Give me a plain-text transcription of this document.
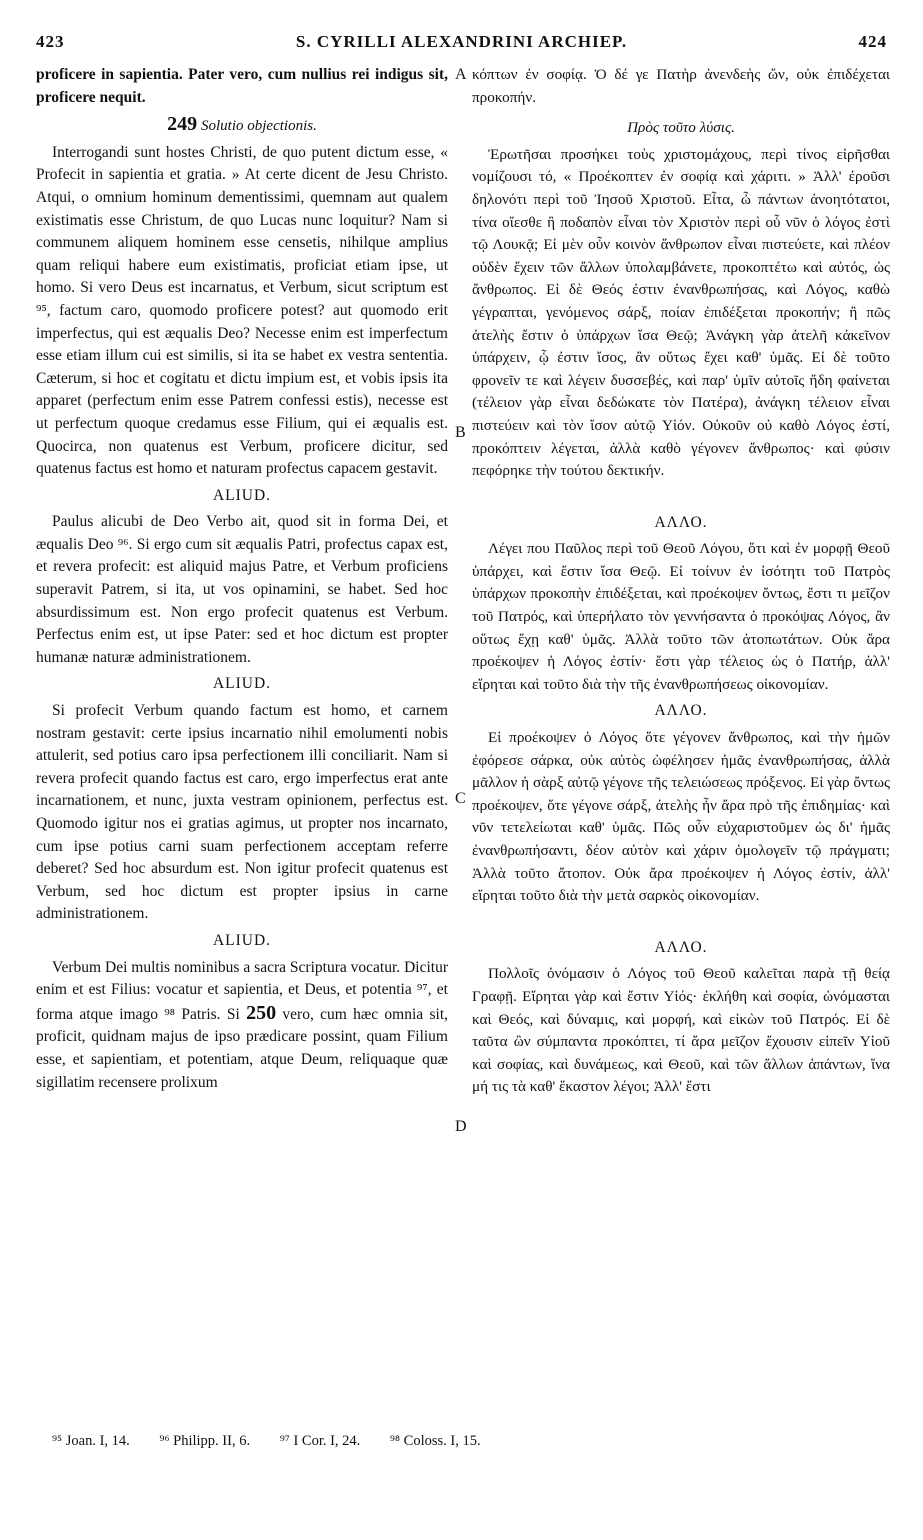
423	S. CYRILLI ALEXANDRINI ARCHIEP.	424

proficere in sapientia. Pater vero, cum nullius rei indigus sit, proficere nequit.

249 Solutio objectionis.

Interrogandi sunt hostes Christi, de quo putent dictum esse, « Profecit in sapientia et gratia. » At certe dicent de Jesu Christo. Atqui, o omnium hominum dementissimi, quemnam aut qualem existimatis esse Christum, de quo Lucas nunc loquitur? Nam si communem aliquem hominem esse censetis, nihilque amplius quam reliqui habere eum existimatis, proficiat etiam ipse, ut homo. Si vero Deus est incarnatus, et Verbum, sicut scriptum est ⁹⁵, factum caro, quomodo proficere potest? aut quomodo erit imperfectus, qui est æqualis Deo? Necesse enim est imperfectum esse etiam illum cui est similis, si ita se habet ex vestra sententia. Cæterum, si hoc et cogitatu et dictu impium est, et vobis ipsis ita apparet (perfectum enim esse Patrem confessi estis), necesse est ut perfectum quoque credamus esse Filium, qui ei æqualis est. Quocirca, non quatenus est Verbum, proficere dicitur, sed quatenus factus est homo et naturam profectus capacem gestavit.

ALIUD.

Paulus alicubi de Deo Verbo ait, quod sit in forma Dei, et æqualis Deo ⁹⁶. Si ergo cum sit æqualis Patri, profectus capax est, et revera profecit: est aliquid majus Patre, et Verbum proficiens superavit Patrem, si ita, ut vos opinamini, se habet. Sed hoc absurdissimum est. Non ergo profecit quatenus est Verbum. Perfectus enim est, ut ipse Pater: sed et hoc dictum est propter humanæ naturæ administrationem.

ALIUD.

Si profecit Verbum quando factum est homo, et carnem nostram gestavit: certe ipsius incarnatio nihil emolumenti nobis attulerit, sed potius caro ipsa perfectionem illi conciliarit. Nam si revera profecit quando factus est caro, ergo imperfectus erat ante incarnationem, et nunc, juxta vestram opinionem, perfectus est. Quomodo igitur nos ei gratias agimus, ut propter nos incarnato, cum ipse potius carni suam perfectionem acceptam referre deberet? Sed hoc absurdum est. Non igitur profecit quatenus est Verbum, sed hoc dictum est propter ipsius in carne administrationem.

ALIUD.

Verbum Dei multis nominibus a sacra Scriptura vocatur. Dicitur enim et est Filius: vocatur et sapientia, et Deus, et potentia ⁹⁷, et forma atque imago ⁹⁸ Patris. Si 250 vero, cum hæc omnia sit, proficit, quidnam majus de ipso prædicare possint, quam Filium esse, et sapientiam, et potentiam, atque Deum, reliquaque quæ sigillatim recensere prolixum

A
B
C
D

κόπτων ἐν σοφίᾳ. Ὁ δέ γε Πατὴρ ἀνενδεὴς ὤν, οὐκ ἐπιδέχεται προκοπήν.

Πρὸς τοῦτο λύσις.

Ἐρωτῆσαι προσήκει τοὺς χριστομάχους, περὶ τίνος εἰρῆσθαι νομίζουσι τό, « Προέκοπτεν ἐν σοφίᾳ καὶ χάριτι. » Ἀλλ' ἐροῦσι δηλονότι περὶ τοῦ Ἰησοῦ Χριστοῦ. Εἶτα, ὦ πάντων ἀνοητότατοι, τίνα οἴεσθε ἢ ποδαπὸν εἶναι τὸν Χριστὸν περὶ οὗ νῦν ὁ λόγος ἐστὶ τῷ Λουκᾷ; Εἰ μὲν οὖν κοινὸν ἄνθρωπον εἶναι πιστεύετε, καὶ πλέον οὐδὲν ἔχειν τῶν ἄλλων ὑπολαμβάνετε, προκοπτέτω καὶ αὐτός, ὡς ἄνθρωπος. Εἰ δὲ Θεός ἐστιν ἐνανθρωπήσας, καὶ Λόγος, καθὼ γέγραπται, γενόμενος σάρξ, ποίαν ἐπιδέξεται προκοπήν; ἢ πῶς ἀτελὴς ἔστιν ὁ ὑπάρχων ἴσα Θεῷ; Ἀνάγκη γὰρ ἀτελῆ κἀκεῖνον ὑπάρχειν, ᾧ ἐστιν ἴσος, ἂν οὕτως ἔχει καθ' ὑμᾶς. Εἰ δὲ τοῦτο φρονεῖν τε καὶ λέγειν δυσσεβές, καὶ παρ' ὑμῖν αὐτοῖς ἤδη φαίνεται (τέλειον γὰρ εἶναι δεδώκατε τὸν Πατέρα), ἀνάγκη τέλειον εἶναι πιστεύειν καὶ τὸν ἴσον αὐτῷ Υἱόν. Οὐκοῦν οὐ καθὸ Λόγος ἐστί, προκόπτειν λέγεται, ἀλλὰ καθὸ γέγονεν ἄνθρωπος· καὶ φύσιν πεφόρηκε τὴν τούτου δεκτικήν.

ΑΛΛΟ.

Λέγει που Παῦλος περὶ τοῦ Θεοῦ Λόγου, ὅτι καὶ ἐν μορφῇ Θεοῦ ὑπάρχει, καὶ ἔστιν ἴσα Θεῷ. Εἰ τοίνυν ἐν ἰσότητι τοῦ Πατρὸς ὑπάρχων προκοπὴν ἐπιδέξεται, καὶ προέκοψεν ὄντως, ἔστι τι μεῖζον τοῦ Πατρός, καὶ ὑπερήλατο τὸν γεννήσαντα ὁ προκόψας Λόγος, ἂν οὕτως ἔχῃ καθ' ὑμᾶς. Ἀλλὰ τοῦτο τῶν ἀτοπωτάτων. Οὐκ ἄρα προέκοψεν ἡ Λόγος ἐστίν· ἔστι γὰρ τέλειος ὡς ὁ Πατήρ, ἀλλ' εἴρηται καὶ τοῦτο διὰ τὴν τῆς ἐνανθρωπήσεως οἰκονομίαν.

ΑΛΛΟ.

Εἰ προέκοψεν ὁ Λόγος ὅτε γέγονεν ἄνθρωπος, καὶ τὴν ἡμῶν ἐφόρεσε σάρκα, οὐκ αὐτὸς ὠφέλησεν ἡμᾶς ἐνανθρωπήσας, ἀλλὰ μᾶλλον ἡ σὰρξ αὐτῷ γέγονε τῆς τελειώσεως πρόξενος. Εἰ γὰρ ὄντως προέκοψεν, ὅτε γέγονε σάρξ, ἀτελὴς ἦν ἄρα πρὸ τῆς ἐπιδημίας· καὶ νῦν τετελείωται καθ' ὑμᾶς. Πῶς οὖν εὐχαριστοῦμεν ὡς δι' ἡμᾶς ἐνανθρωπήσαντι, δέον αὐτὸν καὶ χάριν ὁμολογεῖν τῷ πράγματι; Ἀλλὰ τοῦτο ἄτοπον. Οὐκ ἄρα προέκοψεν ἡ Λόγος ἐστίν, ἀλλ' εἴρηται τοῦτο διὰ τὴν μετὰ σαρκὸς οἰκονομίαν.

ΑΛΛΟ.

Πολλοῖς ὀνόμασιν ὁ Λόγος τοῦ Θεοῦ καλεῖται παρὰ τῇ θείᾳ Γραφῇ. Εἴρηται γὰρ καὶ ἔστιν Υἱός· ἐκλήθη καὶ σοφία, ὠνόμασται καὶ Θεός, καὶ δύναμις, καὶ μορφή, καὶ εἰκὼν τοῦ Πατρός. Εἰ δὲ ταῦτα ὢν σύμπαντα προκόπτει, τί ἄρα μεῖζον ἔχουσιν εἰπεῖν Υἱοῦ καὶ σοφίας, καὶ δυνάμεως, καὶ Θεοῦ, καὶ τῶν ἄλλων ἁπάντων, ἵνα μή τις τὰ καθ' ἕκαστον λέγοι; Ἀλλ' ἔστι

⁹⁵ Joan. I, 14. ⁹⁶ Philipp. II, 6. ⁹⁷ I Cor. I, 24. ⁹⁸ Coloss. I, 15.
